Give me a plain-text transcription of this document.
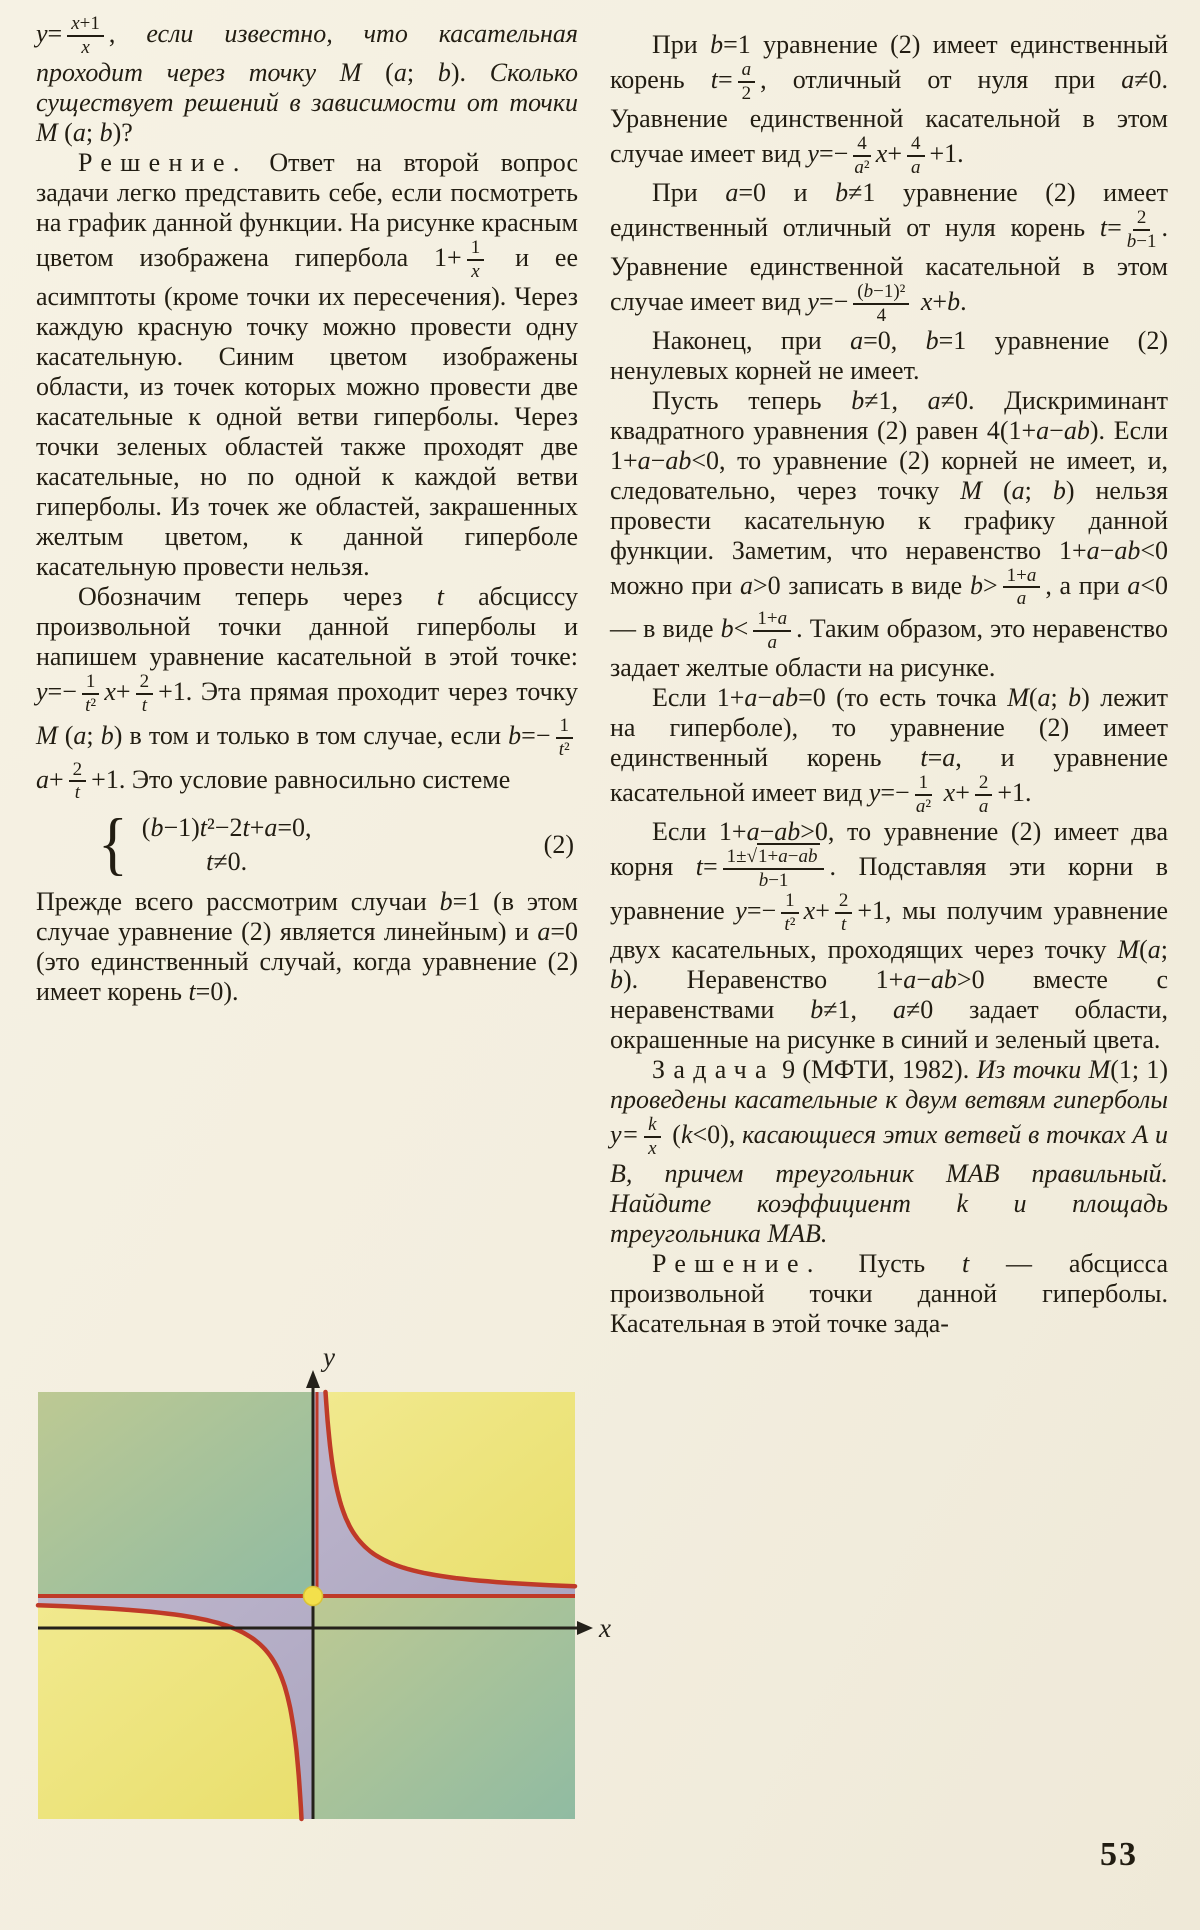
$y= \frac{x+1}{x}$ , если известно, что касательная проходит через точку М (a; b). Сколько существует решений в зависимости от точки М (a; b)?
Решение. Ответ на второй вопрос задачи легко представить себе, если посмотреть на график данной функции. На рисунке красным цветом изображена гипербола $1+ \frac{1}{x}$ и ее асимптоты (кроме точки их пересечения). Через каждую красную точку можно провести одну касательную. Синим цветом изображены области, из точек которых можно провести две касательные к одной ветви гиперболы. Через точки зеленых областей также проходят две касательные, но по одной к каждой ветви гиперболы. Из точек же областей, закрашенных желтым цветом, к данной гиперболе касательную провести нельзя.
Обозначим теперь через t абсциссу произвольной точки данной гиперболы и напишем уравнение касательной в этой точке: $y=- \frac{1}{\text{t²}} x+ \frac{2}{t} +1$. Эта прямая проходит через точку М (a; b) в том и только в том случае, если $b=- \frac{1}{\text{t²}}$
$a+ \frac{2}{t} +1$. Это условие равносильно системе
{ (b−1)t²−2t+a=0,
t≠0.
(2)
Прежде всего рассмотрим случаи b=1 (в этом случае уравнение (2) является линейным) и a=0 (это единственный случай, когда уравнение (2) имеет корень t=0).
При b=1 уравнение (2) имеет единственный корень $t= \frac{a}{2}$ , отличный от нуля при a≠0. Уравнение единственной касательной в этом случае имеет вид $y=- \frac{4}{\text{a²}} x+ \frac{4}{a} +1$.
При a=0 и b≠1 уравнение (2) имеет единственный отличный от нуля корень $t= \frac{2}{b-1}$ . Уравнение единственной касательной в этом случае имеет вид $y=- \frac{\text{(b−1)²}}{4} x+b$.
Наконец, при a=0, b=1 уравнение (2) ненулевых корней не имеет.
Пусть теперь b≠1, a≠0. Дискриминант квадратного уравнения (2) равен 4(1+a−ab). Если 1+a−ab<0, то уравнение (2) корней не имеет, и, следовательно, через точку М (a; b) нельзя провести касательную к графику данной функции. Заметим, что неравенство 1+a−ab<0 можно при a>0 записать в виде $b> \frac{1+a}{a}$ , а при a<0 — в виде $b< \frac{1+a}{a}$ . Таким образом, это неравенство задает желтые области на рисунке.
Если 1+a−ab=0 (то есть точка М(a; b) лежит на гиперболе), то уравнение (2) имеет единственный корень t=a, и уравнение касательной имеет вид $y=- \frac{1}{\text{a²}} x+ \frac{2}{a} +1$.
Если 1+a−ab>0, то уравнение (2) имеет два корня $t= \frac{1\pm√1+a-ab}{b-1}$ . Подставляя эти корни в уравнение $y=- \frac{1}{\text{t²}} x+ \frac{2}{t} +1$, мы получим уравнение двух касательных, проходящих через точку М(a; b). Неравенство 1+a−ab>0 вместе с неравенствами b≠1, a≠0 задает области, окрашенные на рисунке в синий и зеленый цвета.
Задача 9 (МФТИ, 1982). Из точки М(1; 1) проведены касательные к двум ветвям гиперболы $y= \frac{k}{x} (k<0)$, касающиеся этих ветвей в точках А и В, причем треугольник МАВ правильный. Найдите коэффициент k и площадь треугольника МАВ.
Решение. Пусть t — абсцисса произвольной точки данной гиперболы. Касательная в этой точке зада-
y
x
53
